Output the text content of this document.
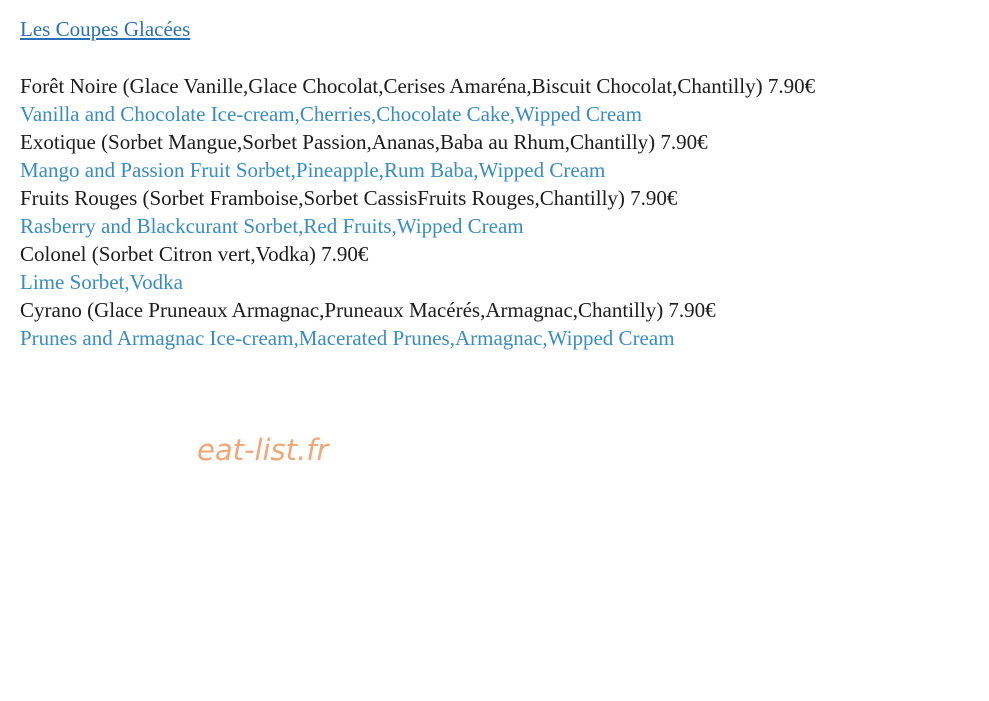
Les Coupes Glacées
Forêt Noire (Glace Vanille,Glace Chocolat,Cerises Amaréna,Biscuit Chocolat,Chantilly) 7.90€
Vanilla and Chocolate Ice-cream,Cherries,Chocolate Cake,Wipped Cream
Exotique (Sorbet Mangue,Sorbet Passion,Ananas,Baba au Rhum,Chantilly) 7.90€
Mango and Passion Fruit Sorbet,Pineapple,Rum Baba,Wipped Cream
Fruits Rouges (Sorbet Framboise,Sorbet CassisFruits Rouges,Chantilly) 7.90€
Rasberry and Blackcurant Sorbet,Red Fruits,Wipped Cream
Colonel (Sorbet Citron vert,Vodka) 7.90€
Lime Sorbet,Vodka
Cyrano (Glace Pruneaux Armagnac,Pruneaux Macérés,Armagnac,Chantilly) 7.90€
Prunes and Armagnac Ice-cream,Macerated Prunes,Armagnac,Wipped Cream
eat-list.fr
